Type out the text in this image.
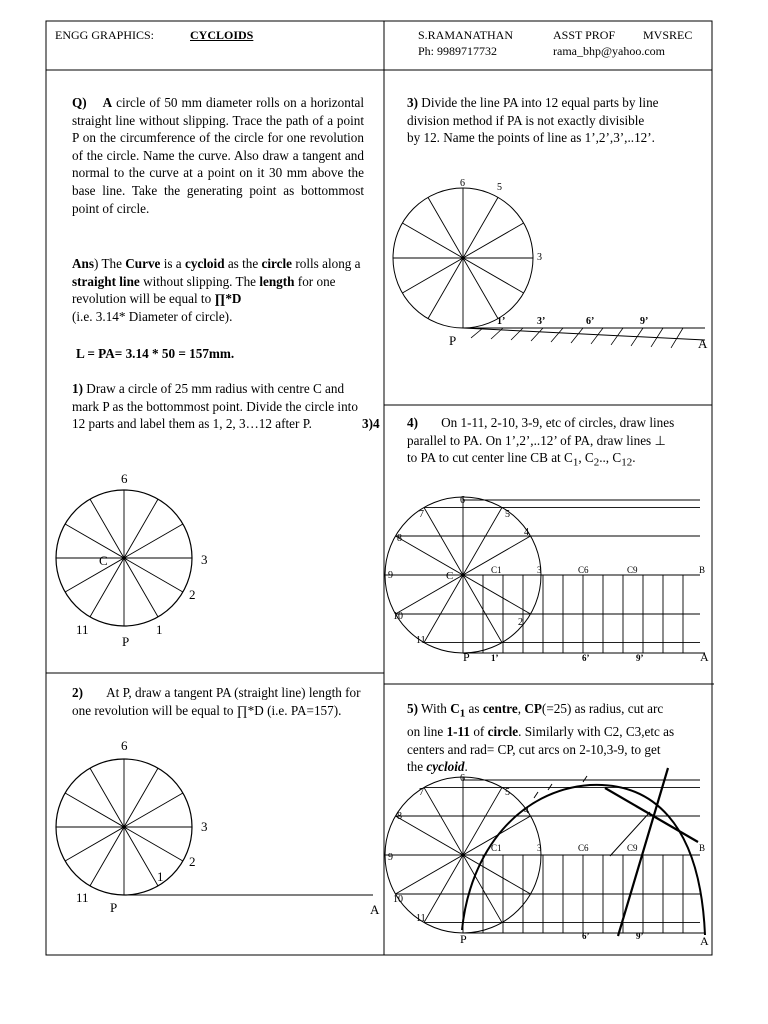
ENGG GRAPHICS:	CYCLOIDS	S.RAMANATHAN	ASST PROF MVSREC
Ph: 9989717732	rama_bhp@yahoo.com
Q) A circle of 50 mm diameter rolls on a horizontal straight line without slipping. Trace the path of a point P on the circumference of the circle for one revolution of the circle. Name the curve. Also draw a tangent and normal to the curve at a point on it 30 mm above the base line. Take the generating point as bottommost point of circle.
Ans) The Curve is a cycloid as the circle rolls along a straight line without slipping. The length for one revolution will be equal to ∏*D
(i.e. 3.14* Diameter of circle).
L = PA= 3.14 * 50 = 157mm.
1) Draw a circle of 25 mm radius with centre C and mark P as the bottommost point. Divide the circle into 12 parts and label them as 1, 2, 3…12 after P.	3)4
2) At P, draw a tangent PA (straight line) length for one revolution will be equal to ∏*D (i.e. PA=157).
3) Divide the line PA into 12 equal parts by line division method if PA is not exactly divisible by 12. Name the points of line as 1’,2’,3’,..12’.
4) On 1-11, 2-10, 3-9, etc of circles, draw lines parallel to PA. On 1’,2’,..12’ of PA, draw lines ⊥ to PA to cut center line CB at $C_1$, $C_2$.., $C_{12}$.
5) With $C_1$ as centre, CP(=25) as radius, cut arc on line 1-11 of circle. Similarly with C2, C3,etc as centers and rad= CP, cut arcs on 2-10,3-9, to get the cycloid.
6
3
2
1
11
P
C
6
3
2
1
11
P	A
6	5
3
1’	3’	6’	9’
P	A
6
7	5
8
4
9	C	C1	3	C6	C9	B
10
2
11
P 1’	6’	9’	A
6
7	5
8
4
9
C1	3	C6	C9	B
10
11
P	6’	9’	A
